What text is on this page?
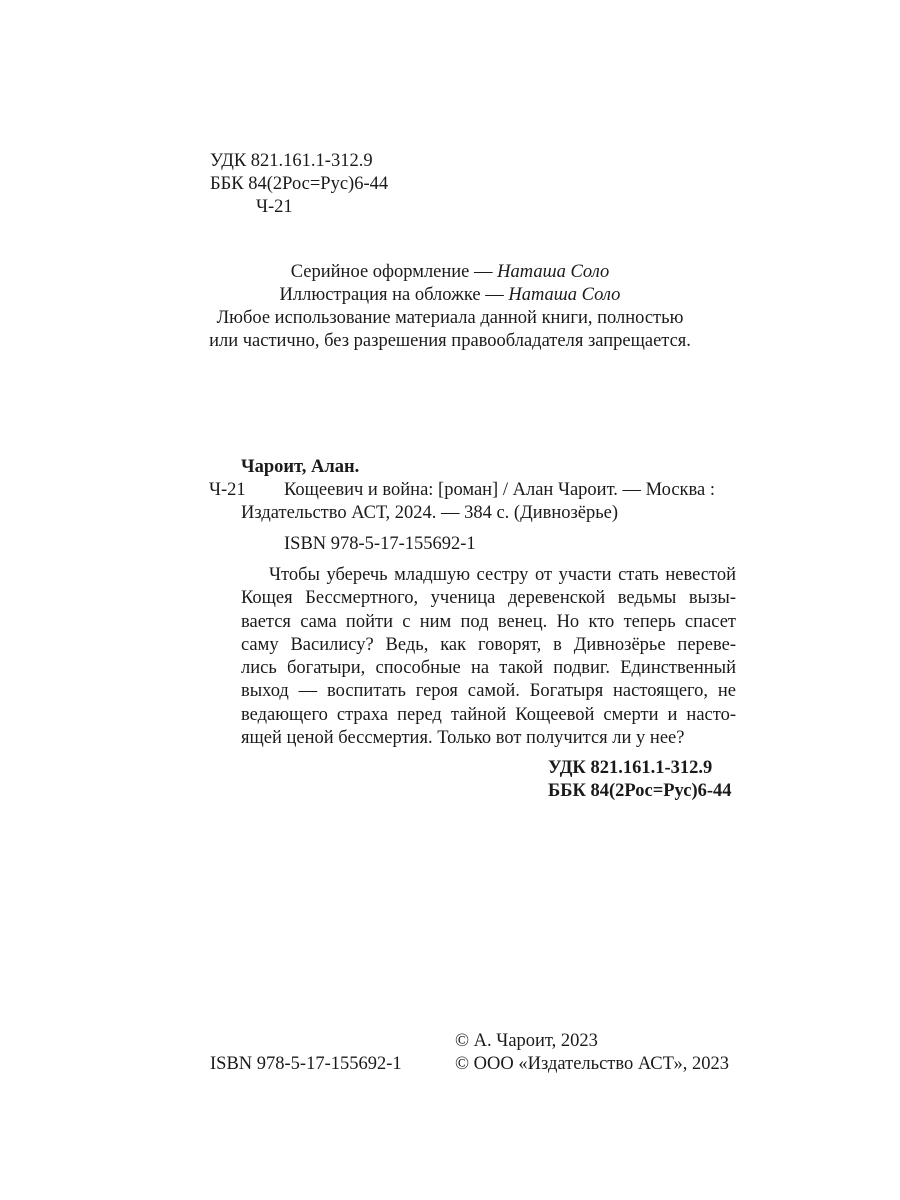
УДК 821.161.1-312.9
ББК 84(2Рос=Рус)6-44
Ч-21
Серийное оформление — Наташа Соло
Иллюстрация на обложке — Наташа Соло
Любое использование материала данной книги, полностью
или частично, без разрешения правообладателя запрещается.
Чароит, Алан.
Ч-21 Кощеевич и война: [роман] / Алан Чароит. — Москва :
Издательство АСТ, 2024. — 384 с. (Дивнозёрье)
ISBN 978-5-17-155692-1
Чтобы уберечь младшую сестру от участи стать невестой
Кощея Бессмертного, ученица деревенской ведьмы вызы-
вается сама пойти с ним под венец. Но кто теперь спасет
саму Василису? Ведь, как говорят, в Дивнозёрье переве-
лись богатыри, способные на такой подвиг. Единственный
выход — воспитать героя самой. Богатыря настоящего, не
ведающего страха перед тайной Кощеевой смерти и насто-
ящей ценой бессмертия. Только вот получится ли у нее?
УДК 821.161.1-312.9
ББК 84(2Рос=Рус)6-44
© А. Чароит, 2023
ISBN 978-5-17-155692-1	© ООО «Издательство АСТ», 2023
